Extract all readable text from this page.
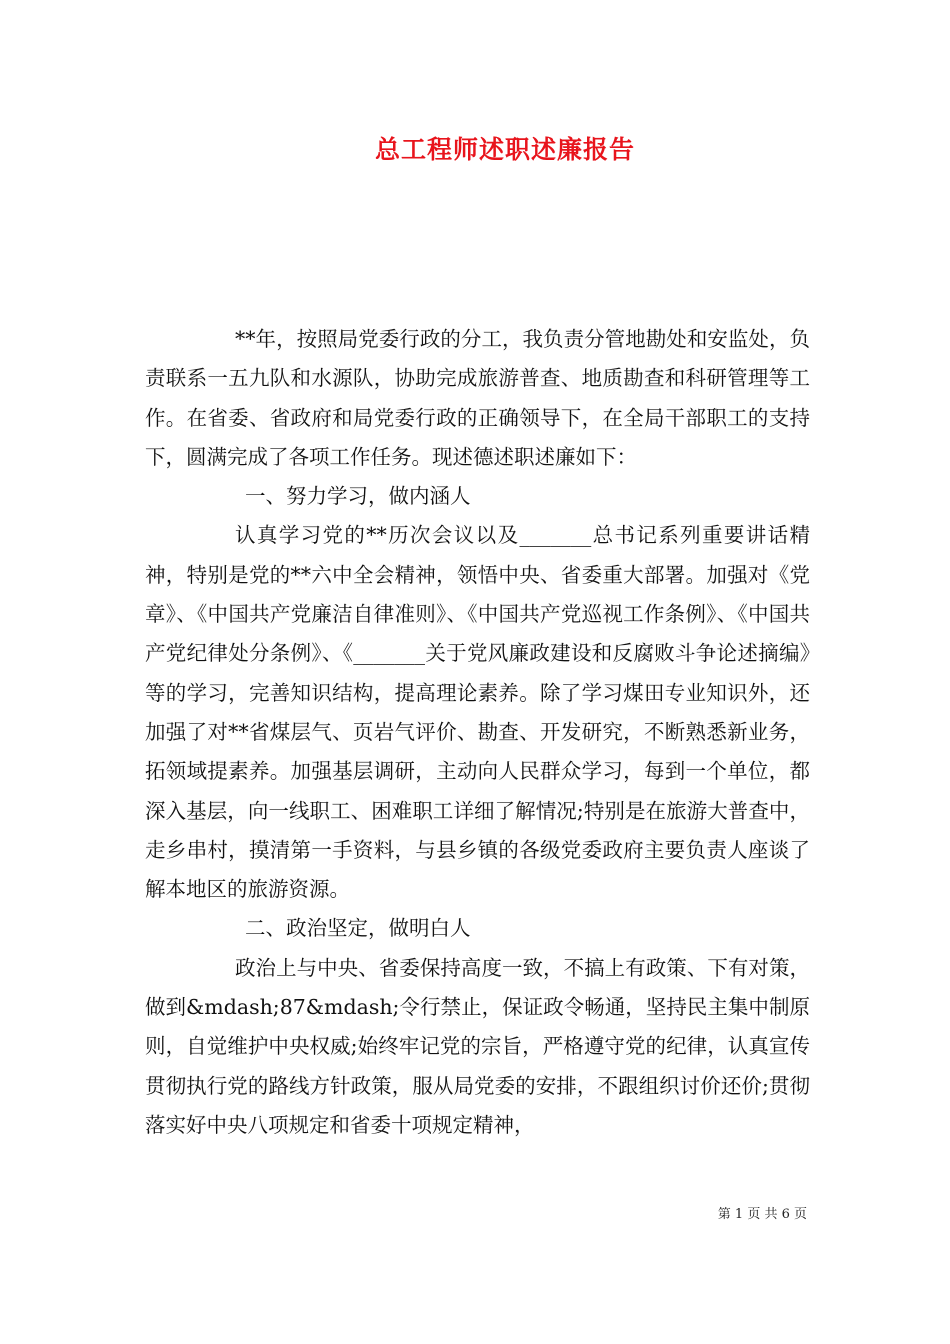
总工程师述职述廉报告

**年，按照局党委行政的分工，我负责分管地勘处和安监处，负责联系一五九队和水源队，协助完成旅游普查、地质勘查和科研管理等工作。在省委、省政府和局党委行政的正确领导下，在全局干部职工的支持下，圆满完成了各项工作任务。现述德述职述廉如下：

一、努力学习，做内涵人

认真学习党的**历次会议以及_______总书记系列重要讲话精神，特别是党的**六中全会精神，领悟中央、省委重大部署。加强对《党章》、《中国共产党廉洁自律准则》、《中国共产党巡视工作条例》、《中国共产党纪律处分条例》、《_______关于党风廉政建设和反腐败斗争论述摘编》等的学习，完善知识结构，提高理论素养。除了学习煤田专业知识外，还加强了对**省煤层气、页岩气评价、勘查、开发研究，不断熟悉新业务，拓领域提素养。加强基层调研，主动向人民群众学习，每到一个单位，都深入基层，向一线职工、困难职工详细了解情况;特别是在旅游大普查中，走乡串村，摸清第一手资料，与县乡镇的各级党委政府主要负责人座谈了解本地区的旅游资源。

二、政治坚定，做明白人

政治上与中央、省委保持高度一致，不搞上有政策、下有对策，做到&mdash;87&mdash;令行禁止，保证政令畅通，坚持民主集中制原则，自觉维护中央权威;始终牢记党的宗旨，严格遵守党的纪律，认真宣传贯彻执行党的路线方针政策，服从局党委的安排，不跟组织讨价还价;贯彻落实好中央八项规定和省委十项规定精神，

第 1 页 共 6 页
